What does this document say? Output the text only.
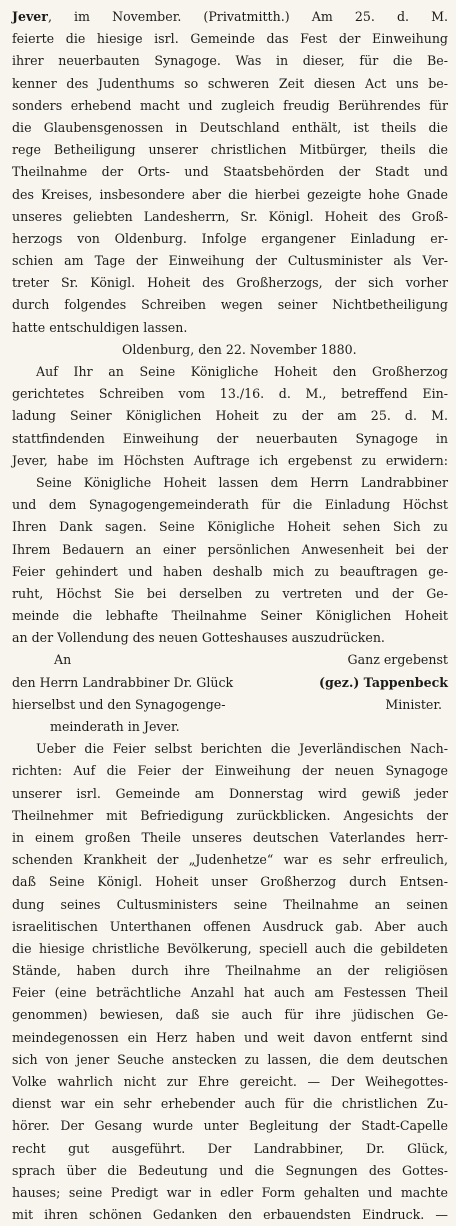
Jever, im November. (Privatmitth.) Am 25. d. M.
feierte die hiesige isrl. Gemeinde das Fest der Einweihung
ihrer neuerbauten Synagoge. Was in dieser, für die Be-
kenner des Judenthums so schweren Zeit diesen Act uns be-
sonders erhebend macht und zugleich freudig Berührendes für
die Glaubensgenossen in Deutschland enthält, ist theils die
rege Betheiligung unserer christlichen Mitbürger, theils die
Theilnahme der Orts- und Staatsbehörden der Stadt und
des Kreises, insbesondere aber die hierbei gezeigte hohe Gnade
unseres geliebten Landesherrn, Sr. Königl. Hoheit des Groß-
herzogs von Oldenburg. Infolge ergangener Einladung er-
schien am Tage der Einweihung der Cultusminister als Ver-
treter Sr. Königl. Hoheit des Großherzogs, der sich vorher
durch folgendes Schreiben wegen seiner Nichtbetheiligung
hatte entschuldigen lassen.
Oldenburg, den 22. November 1880.
Auf Ihr an Seine Königliche Hoheit den Großherzog
gerichtetes Schreiben vom 13./16. d. M., betreffend Ein-
ladung Seiner Königlichen Hoheit zu der am 25. d. M.
stattfindenden Einweihung der neuerbauten Synagoge in
Jever, habe im Höchsten Auftrage ich ergebenst zu erwidern:
Seine Königliche Hoheit lassen dem Herrn Landrabbiner
und dem Synagogengemeinderath für die Einladung Höchst
Ihren Dank sagen. Seine Königliche Hoheit sehen Sich zu
Ihrem Bedauern an einer persönlichen Anwesenheit bei der
Feier gehindert und haben deshalb mich zu beauftragen ge-
ruht, Höchst Sie bei derselben zu vertreten und der Ge-
meinde die lebhafte Theilnahme Seiner Königlichen Hoheit
an der Vollendung des neuen Gotteshauses auszudrücken.
An	Ganz ergebenst
den Herrn Landrabbiner Dr. Glück	(gez.) Tappenbeck
hierselbst und den Synagogenge-	Minister.
meinderath in Jever.
Ueber die Feier selbst berichten die Jeverländischen Nach-
richten: Auf die Feier der Einweihung der neuen Synagoge
unserer isrl. Gemeinde am Donnerstag wird gewiß jeder
Theilnehmer mit Befriedigung zurückblicken. Angesichts der
in einem großen Theile unseres deutschen Vaterlandes herr-
schenden Krankheit der „Judenhetze“ war es sehr erfreulich,
daß Seine Königl. Hoheit unser Großherzog durch Entsen-
dung seines Cultusministers seine Theilnahme an seinen
israelitischen Unterthanen offenen Ausdruck gab. Aber auch
die hiesige christliche Bevölkerung, speciell auch die gebildeten
Stände, haben durch ihre Theilnahme an der religiösen
Feier (eine beträchtliche Anzahl hat auch am Festessen Theil
genommen) bewiesen, daß sie auch für ihre jüdischen Ge-
meindegenossen ein Herz haben und weit davon entfernt sind
sich von jener Seuche anstecken zu lassen, die dem deutschen
Volke wahrlich nicht zur Ehre gereicht. — Der Weihegottes-
dienst war ein sehr erhebender auch für die christlichen Zu-
hörer. Der Gesang wurde unter Begleitung der Stadt-Capelle
recht gut ausgeführt. Der Landrabbiner, Dr. Glück,
sprach über die Bedeutung und die Segnungen des Gottes-
hauses; seine Predigt war in edler Form gehalten und machte
mit ihren schönen Gedanken den erbauendsten Eindruck. —
